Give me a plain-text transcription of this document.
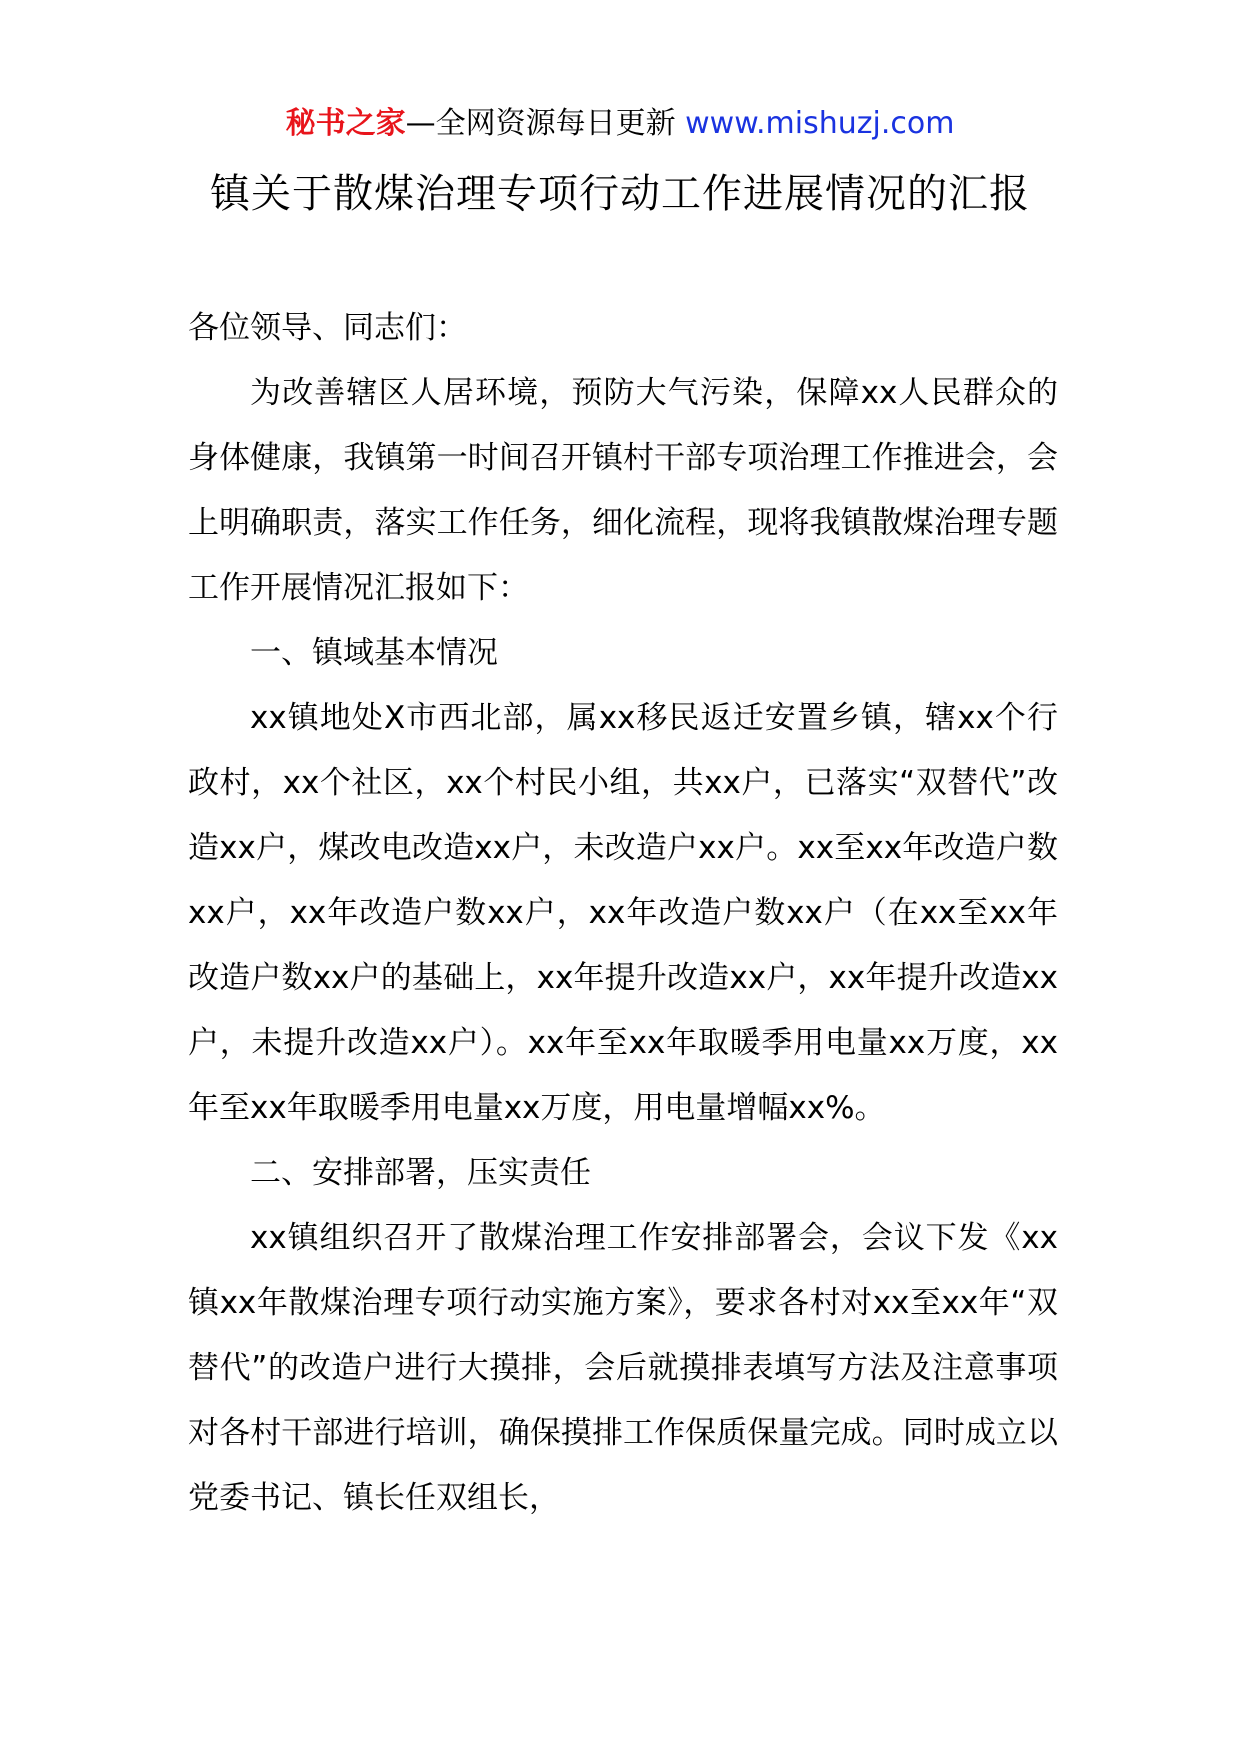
秘书之家—全网资源每日更新 www.mishuzj.com
镇关于散煤治理专项行动工作进展情况的汇报

各位领导、同志们：

为改善辖区人居环境，预防大气污染，保障xx人民群众的身体健康，我镇第一时间召开镇村干部专项治理工作推进会，会上明确职责，落实工作任务，细化流程，现将我镇散煤治理专题工作开展情况汇报如下：

一、镇域基本情况

xx镇地处X市西北部，属xx移民返迁安置乡镇，辖xx个行政村，xx个社区，xx个村民小组，共xx户，已落实“双替代”改造xx户，煤改电改造xx户，未改造户xx户。xx至xx年改造户数xx户，xx年改造户数xx户，xx年改造户数xx户（在xx至xx年改造户数xx户的基础上，xx年提升改造xx户，xx年提升改造xx户，未提升改造xx户）。xx年至xx年取暖季用电量xx万度，xx年至xx年取暖季用电量xx万度，用电量增幅xx%。

二、安排部署，压实责任

xx镇组织召开了散煤治理工作安排部署会，会议下发《xx镇xx年散煤治理专项行动实施方案》，要求各村对xx至xx年“双替代”的改造户进行大摸排，会后就摸排表填写方法及注意事项对各村干部进行培训，确保摸排工作保质保量完成。同时成立以党委书记、镇长任双组长，
